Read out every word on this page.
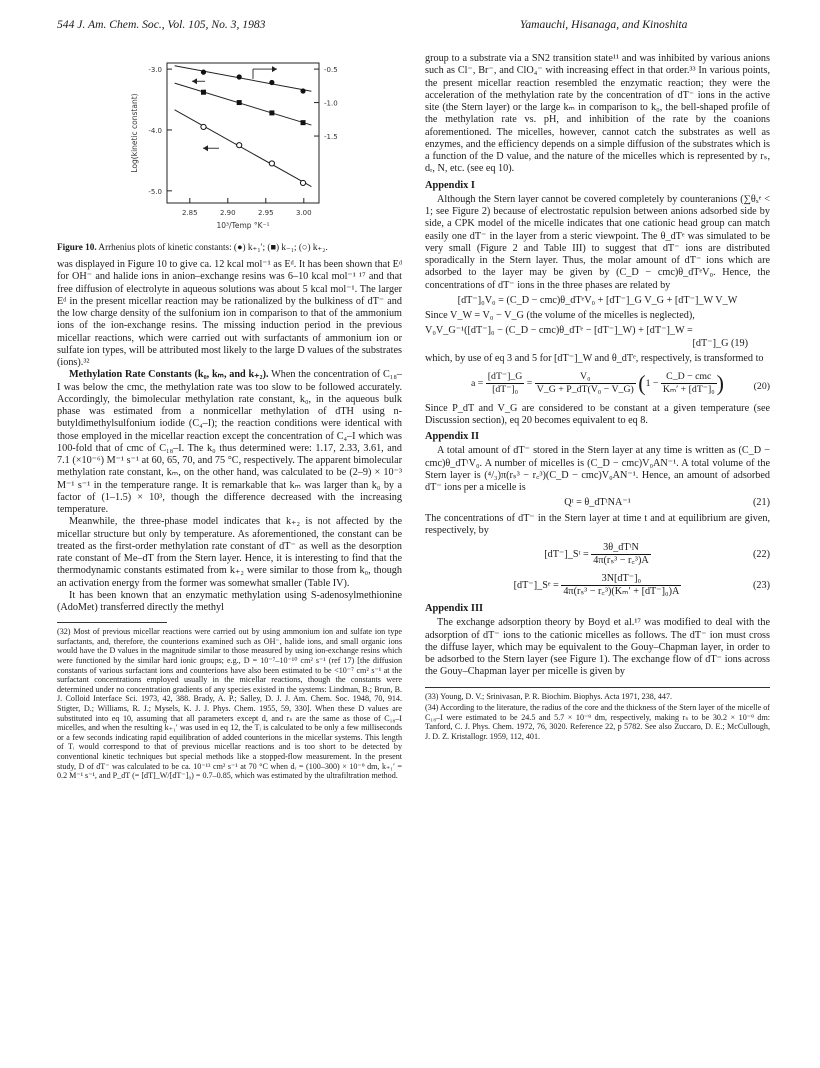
544 J. Am. Chem. Soc., Vol. 105, No. 3, 1983	Yamauchi, Hisanaga, and Kinoshita
-3.0
-4.0
-5.0
-0.5
-1.0
-1.5
2.85	2.90	2.95	3.00
10³/Temp °K⁻¹
Log(kinetic constant)

Figure 10. Arrhenius plots of kinetic constants: (●) k₊₁′; (■) k₋₁; (○) k₊₂.

was displayed in Figure 10 to give ca. 12 kcal mol⁻¹ as Eᵈ. It has been shown that Eᵈ for OH⁻ and halide ions in anion–exchange resins was 6–10 kcal mol⁻¹ ¹⁷ and that free diffusion of electrolyte in aqueous solutions was about 5 kcal mol⁻¹. The larger Eᵈ in the present micellar reaction may be rationalized by the bulkiness of dT⁻ and the low charge density of the sulfonium ion in comparison to that of the ammonium ions of the ion-exchange resins. The missing induction period in the previous micellar reactions, which were carried out with surfactants of ammonium ion or sulfate ion types, will be attributed most likely to the large D values of the substrates (ions).³²

Methylation Rate Constants (k₀, kₘ, and k₊₂). When the concentration of C₁₈–I was below the cmc, the methylation rate was too slow to be followed accurately. Accordingly, the bimolecular methylation rate constant, k₀, in the aqueous bulk phase was estimated from a nonmicellar methylation of dTH using n-butyldimethylsulfonium iodide (C₄–I); the reaction conditions were identical with those employed in the micellar reaction except the concentration of C₄–I which was 100-fold that of cmc of C₁₈–I. The k₀ thus determined were: 1.17, 2.33, 3.61, and 7.1 (×10⁻⁶) M⁻¹ s⁻¹ at 60, 65, 70, and 75 °C, respectively. The apparent bimolecular methylation rate constant, kₘ, on the other hand, was calculated to be (2–9) × 10⁻³ M⁻¹ s⁻¹ in the temperature range. It is remarkable that kₘ was larger than k₀ by a factor of (1–1.5) × 10³, though the difference decreased with the increasing temperature.

Meanwhile, the three-phase model indicates that k₊₂ is not affected by the micellar structure but only by temperature. As aforementioned, the constant can be treated as the first-order methylation rate constant of dT⁻ as well as the desorption rate constant of Me–dT from the Stern layer. Hence, it is interesting to find that the thermodynamic constants estimated from k₊₂ were similar to those from k₀, though an activation energy from the former was somewhat smaller (Table IV).

It has been known that an enzymatic methylation using S-adenosylmethionine (AdoMet) transferred directly the methyl

(32) Most of previous micellar reactions were carried out by using ammonium ion and sulfate ion type surfactants, and, therefore, the counterions examined such as OH⁻, halide ions, and small organic ions would have the D values in the magnitude similar to those measured by using ion-exchange resins which were functioned by the similar hard ionic groups; e.g., D = 10⁻⁷–10⁻¹⁰ cm² s⁻¹ (ref 17) [the diffusion constants of various surfactant ions and counterions have also been estimated to be <10⁻⁷ cm² s⁻¹ at the surfactant concentrations employed usually in the micellar reactions, though the constants were determined under no concentration gradients of any species existed in the systems: Lindman, B.; Brun, B. J. Colloid Interface Sci. 1973, 42, 388. Brady, A. P.; Salley, D. J. J. Am. Chem. Soc. 1948, 70, 914. Stigter, D.; Williams, R. J.; Mysels, K. J. J. Phys. Chem. 1955, 59, 330]. When these D values are substituted into eq 10, assuming that all parameters except d, and rₛ are the same as those of C₁₈–I micelles, and when the resulting k₊₁′ was used in eq 12, the Tᵢ is calculated to be only a few milliseconds or a few seconds indicating rapid equilibration of added counterions in the micellar systems. This length of Tᵢ would correspond to that of previous micellar reactions and is too short to be detected by conventional kinetic techniques but special methods like a stopped-flow measurement. In the present study, D of dT⁻ was calculated to be ca. 10⁻¹³ cm² s⁻¹ at 70 °C when dᵣ = (100–300) × 10⁻⁹ dm, k₊₁′ = 0.2 M⁻¹ s⁻¹, and P_dT (= [dT]_W/[dT⁻]₀) = 0.7–0.85, which was estimated by the ultrafiltration method.

group to a substrate via a SN2 transition state¹¹ and was inhibited by various anions such as Cl⁻, Br⁻, and ClO₄⁻ with increasing effect in that order.³³ In various points, the present micellar reaction resembled the enzymatic reaction; they were the acceleration of the methylation rate by the concentration of dT⁻ ions in the active site (the Stern layer) or the large kₘ in comparison to k₀, the bell-shaped profile of the methylation rate vs. pH, and inhibition of the rate by the coanions aforementioned. The micelles, however, cannot catch the substrates as well as enzymes, and the efficiency depends on a simple diffusion of the substrates which is a function of the D value, and the nature of the micelles which is represented by rₛ, dᵣ, N, etc. (see eq 10).

Appendix I

Although the Stern layer cannot be covered completely by counteranions (∑θₓᵉ < 1; see Figure 2) because of electrostatic repulsion between anions adsorbed side by side, a CPK model of the micelle indicates that one cationic head group can match easily one dT⁻ in the layer from a steric viewpoint. The θ_dTᵉ was simulated to be very small (Figure 2 and Table III) to suggest that dT⁻ ions are distributed sporadically in the Stern layer. Thus, the molar amount of dT⁻ ions which are adsorbed to the layer may be given by (C_D − cmc)θ_dTᵉV₀. Hence, the concentrations of dT⁻ ions in the three phases are related by

[dT⁻]₀V₀ = (C_D − cmc)θ_dTᵉV₀ + [dT⁻]_G V_G + [dT⁻]_W V_W

Since V_W = V₀ − V_G (the volume of the micelles is neglected),

V₀V_G⁻¹([dT⁻]₀ − (C_D − cmc)θ_dTᵉ − [dT⁻]_W) + [dT⁻]_W =
[dT⁻]_G (19)

which, by use of eq 3 and 5 for [dT⁻]_W and θ_dTᵉ, respectively, is transformed to

$a = \frac{[dT^-]\_G}{\text{[dT⁻]₀}} = \frac{\text{V₀}}{\text{V\_G + P\_dT(V₀ − V\_G)}} (1 - \frac{\text{C\_D − cmc}}{\text{Kₘ′ + [dT⁻]₀}}$ )	(20)

Since P_dT and V_G are considered to be constant at a given temperature (see Discussion section), eq 20 becomes equivalent to eq 8.

Appendix II

A total amount of dT⁻ stored in the Stern layer at any time is written as (C_D − cmc)θ_dTᵗV₀. A number of micelles is (C_D − cmc)V₀AN⁻¹. A total volume of the Stern layer is (⁴/₃)π(rₛ³ − r꜀³)(C_D − cmc)V₀AN⁻¹. Hence, an amount of adsorbed dT⁻ ions per a micelle is

Qᵗ = θ_dTᵗNA⁻¹	(21)

The concentrations of dT⁻ in the Stern layer at time t and at equilibrium are given, respectively, by

[dT⁻]_Sᵗ = $\frac{\text{3θ\_dTᵗN}}{\text{4π(rₛ³ − r꜀³)A}}$	(22)
[dT⁻]_Sᵉ = $\frac{\text{3N[dT⁻]₀}}{\text{4π(rₛ³ − r꜀³)(Kₘ′ + [dT⁻]₀)A}}$	(23)

Appendix III

The exchange adsorption theory by Boyd et al.¹⁷ was modified to deal with the adsorption of dT⁻ ions to the cationic micelles as follows. The dT⁻ ion must cross the diffuse layer, which may be equivalent to the Gouy–Chapman layer, in order to be adsorbed to the Stern layer (see Figure 1). The exchange flow of dT⁻ ions across the Gouy–Chapman layer per micelle is given by

(33) Young, D. V.; Srinivasan, P. R. Biochim. Biophys. Acta 1971, 238, 447.

(34) According to the literature, the radius of the core and the thickness of the Stern layer of the micelle of C₁₈–I were estimated to be 24.5 and 5.7 × 10⁻⁹ dm, respectively, making rₛ to be 30.2 × 10⁻⁹ dm: Tanford, C. J. Phys. Chem. 1972, 76, 3020. Reference 22, p 5782. See also Zuccaro, D. E.; McCullough, J. D. Z. Kristallogr. 1959, 112, 401.
